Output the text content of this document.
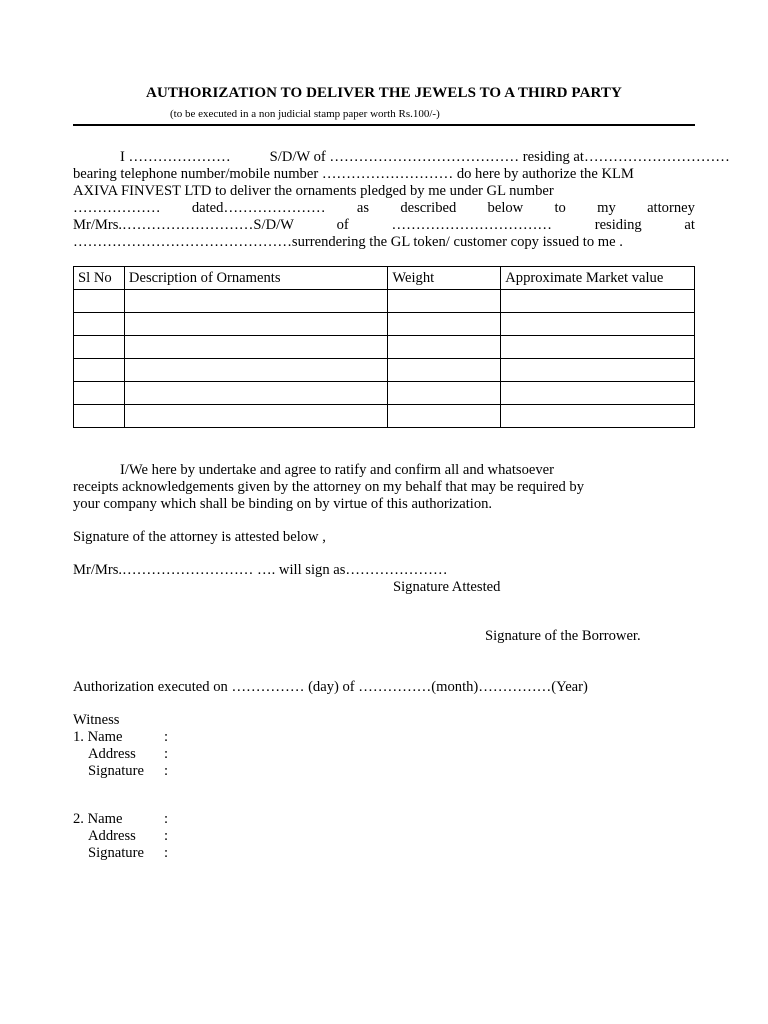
AUTHORIZATION TO DELIVER THE JEWELS TO A THIRD PARTY
(to be executed in a non judicial stamp paper worth Rs.100/-)
I …………………	S/D/W of ………………………………… residing at…………………………
bearing telephone number/mobile number ……………………… do here by authorize the KLM
AXIVA FINVEST LTD to deliver the ornaments pledged by me under GL number
……………… dated………………… as described below to my attorney
Mr/Mrs.………………………S/D/W	of	……………………………	residing	at
………………………………………surrendering the GL token/ customer copy issued to me .
Sl No	Description of Ornaments	Weight	Approximate Market value

I/We here by undertake and agree to ratify and confirm all and whatsoever
receipts acknowledgements given by the attorney on my behalf that may be required by
your company which shall be binding on by virtue of this authorization.
Signature of the attorney is attested below ,
Mr/Mrs.……………………… …. will sign as…………………
Signature Attested
Signature of the Borrower.
Authorization executed on …………… (day) of ……………(month)……………(Year)
Witness
1. Name	:
Address :
Signature :
2. Name	:
Address :
Signature :
